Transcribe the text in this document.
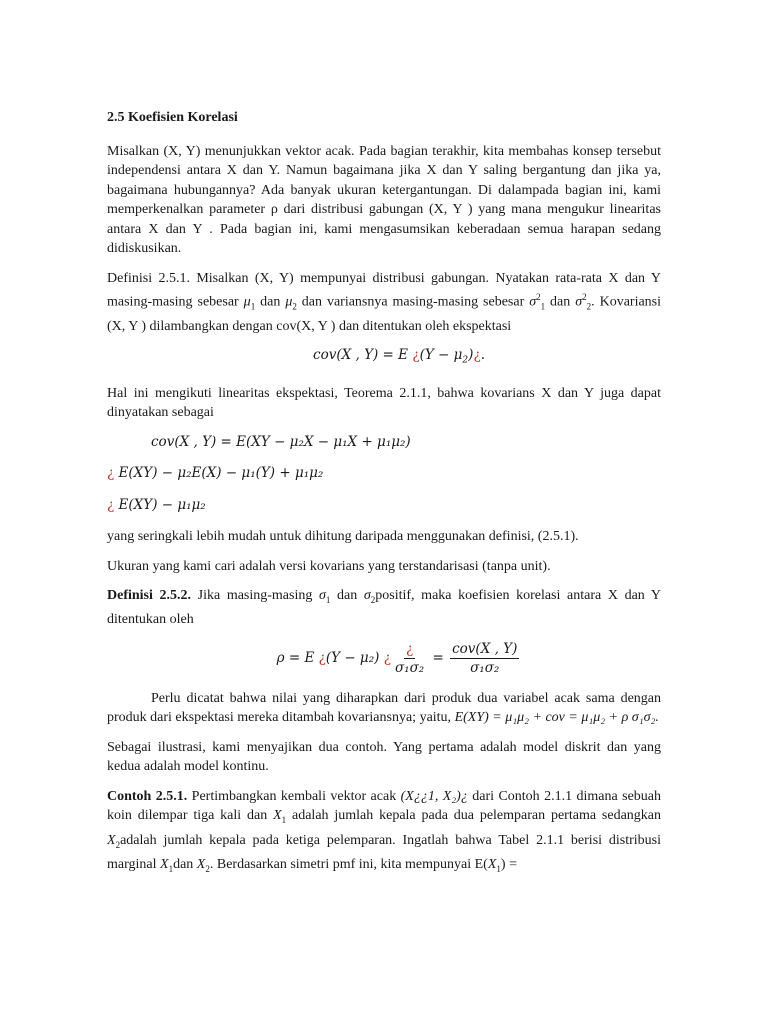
2.5 Koefisien Korelasi

Misalkan (X, Y) menunjukkan vektor acak. Pada bagian terakhir, kita membahas konsep tersebut independensi antara X dan Y. Namun bagaimana jika X dan Y saling bergantung dan jika ya, bagaimana hubungannya? Ada banyak ukuran ketergantungan. Di dalampada bagian ini, kami memperkenalkan parameter ρ dari distribusi gabungan (X, Y ) yang mana mengukur linearitas antara X dan Y . Pada bagian ini, kami mengasumsikan keberadaan semua harapan sedang didiskusikan.

Definisi 2.5.1. Misalkan (X, Y) mempunyai distribusi gabungan. Nyatakan rata-rata X dan Y masing-masing sebesar $\mu_1$ dan $\mu_2$ dan variansnya masing-masing sebesar $\sigma^2_1$ dan $\sigma^2_2$. Kovariansi (X, Y ) dilambangkan dengan cov(X, Y ) dan ditentukan oleh ekspektasi

cov(X , Y) = E ¿$(Y - \mu_2)¿$.

Hal ini mengikuti linearitas ekspektasi, Teorema 2.1.1, bahwa kovarians X dan Y juga dapat dinyatakan sebagai

cov(X , Y) = E(XY − μ₂X − μ₁X + μ₁μ₂)

¿ E(XY) − μ₂E(X) − μ₁(Y) + μ₁μ₂

¿ E(XY) − μ₁μ₂

yang seringkali lebih mudah untuk dihitung daripada menggunakan definisi, (2.5.1).

Ukuran yang kami cari adalah versi kovarians yang terstandarisasi (tanpa unit).

Definisi 2.5.2. Jika masing-masing $\sigma_1$ dan $\sigma_2positif$, maka koefisien korelasi antara X dan Y ditentukan oleh

ρ = E ¿(Y − μ₂) ¿ $\frac{¿}{\text{σ₁σ₂}} = \frac{\text{cov(X , Y)}}{\text{σ₁σ₂}}$

Perlu dicatat bahwa nilai yang diharapkan dari produk dua variabel acak sama dengan produk dari ekspektasi mereka ditambah kovariansnya; yaitu, E(XY) = μ₁μ₂ + cov = μ₁μ₂ + ρ σ₁σ₂.

Sebagai ilustrasi, kami menyajikan dua contoh. Yang pertama adalah model diskrit dan yang kedua adalah model kontinu.

Contoh 2.5.1. Pertimbangkan kembali vektor acak (X¿¿1, X₂)¿ dari Contoh 2.1.1 dimana sebuah koin dilempar tiga kali dan $X_1$ adalah jumlah kepala pada dua pelemparan pertama sedangkan $X_2adalah$ jumlah kepala pada ketiga pelemparan. Ingatlah bahwa Tabel 2.1.1 berisi distribusi marginal $X_1dan$ $X_2$. Berdasarkan simetri pmf ini, kita mempunyai $E(X_1)$ =
